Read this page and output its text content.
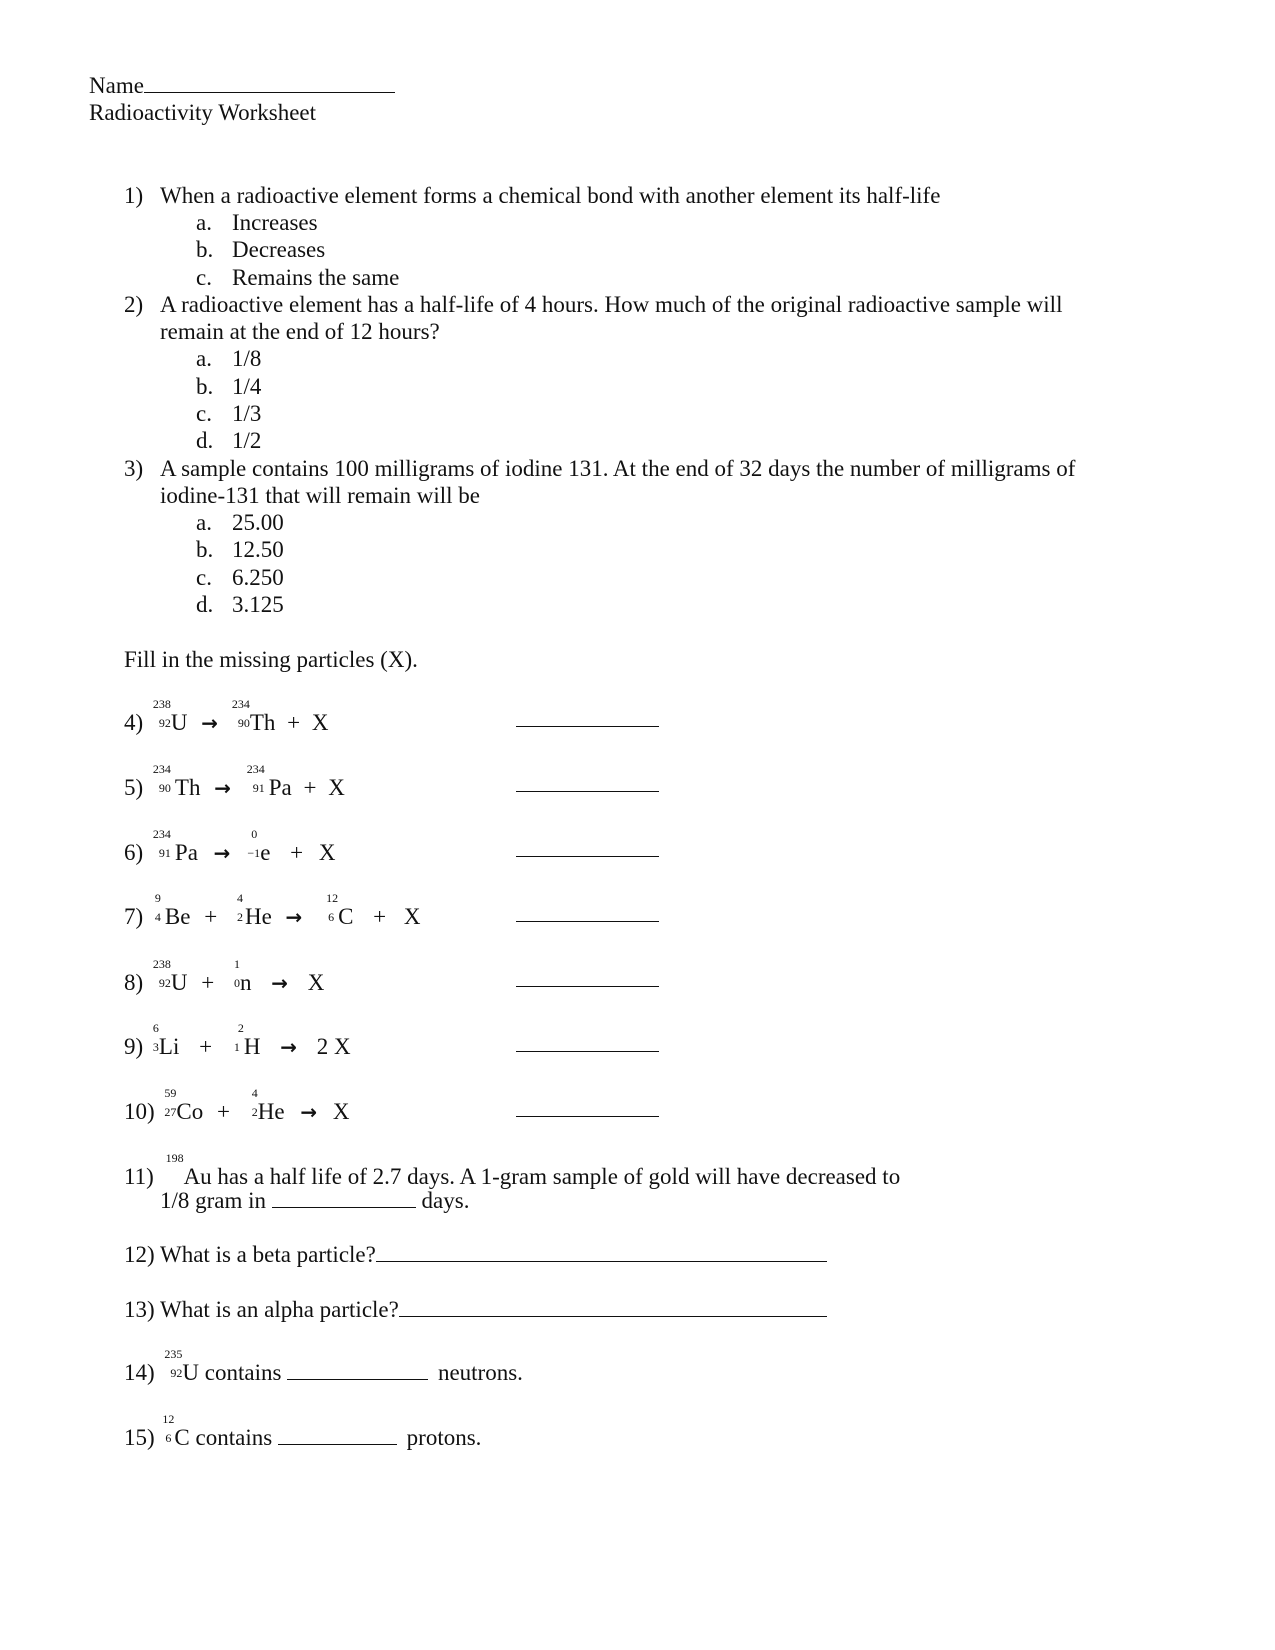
Name
Radioactivity Worksheet
1) When a radioactive element forms a chemical bond with another element its half-life
a. Increases
b. Decreases
c. Remains the same
2) A radioactive element has a half-life of 4 hours. How much of the original radioactive sample will
remain at the end of 12 hours?
a. 1/8
b. 1/4
c. 1/3
d. 1/2
3) A sample contains 100 milligrams of iodine 131. At the end of 32 days the number of milligrams of
iodine-131 that will remain will be
a. 25.00
b. 12.50
c. 6.250
d. 3.125
Fill in the missing particles (X).
4)
238
92 U →
234
90 Th + X
5)
234
90 Th →
234
91 Pa + X
6)
234
91 Pa →
0
−1 e + X
7)
9
4 Be +
4
2 He →
12
6 C + X
8)
238
92 U +
1
0 n → X
9)
6
3 Li +
2
1 H → 2 X
10)
59
27 Co +
4
2 He → X
11)
198
Au has a half life of 2.7 days. A 1-gram sample of gold will have decreased to
1/8 gram in	days.
12) What is a beta particle?
13) What is an alpha particle?
14)
235
92 U contains	neutrons.
15)
12
6 C contains	protons.
